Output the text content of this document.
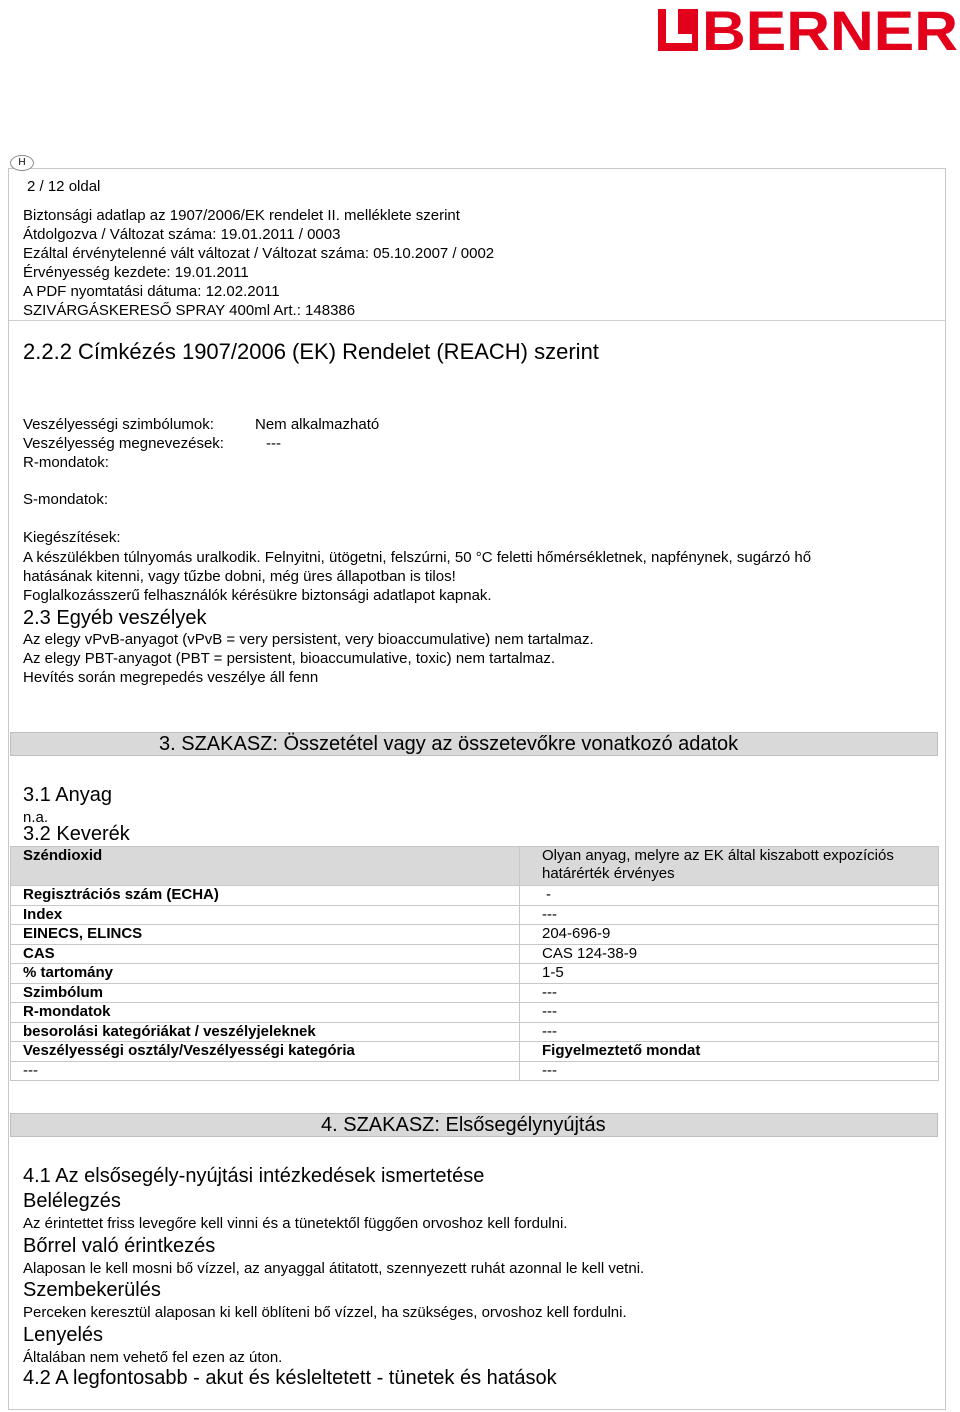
BERNER
H
2 / 12 oldal
Biztonsági adatlap az 1907/2006/EK rendelet II. melléklete szerint
Átdolgozva / Változat száma: 19.01.2011 / 0003
Ezáltal érvénytelenné vált változat / Változat száma: 05.10.2007 / 0002
Érvényesség kezdete: 19.01.2011
A PDF nyomtatási dátuma: 12.02.2011
SZIVÁRGÁSKERESŐ SPRAY 400ml Art.: 148386
2.2.2 Címkézés 1907/2006 (EK) Rendelet (REACH) szerint
Veszélyességi szimbólumok:	Nem alkalmazható
Veszélyesség megnevezések:	---
R-mondatok:
S-mondatok:
Kiegészítések:
A készülékben túlnyomás uralkodik. Felnyitni, ütögetni, felszúrni, 50 °C feletti hőmérsékletnek, napfénynek, sugárzó hő
hatásának kitenni, vagy tűzbe dobni, még üres állapotban is tilos!
Foglalkozásszerű felhasználók kérésükre biztonsági adatlapot kapnak.
2.3 Egyéb veszélyek
Az elegy vPvB-anyagot (vPvB = very persistent, very bioaccumulative) nem tartalmaz.
Az elegy PBT-anyagot (PBT = persistent, bioaccumulative, toxic) nem tartalmaz.
Hevítés során megrepedés veszélye áll fenn
3. SZAKASZ: Összetétel vagy az összetevőkre vonatkozó adatok
3.1 Anyag
n.a.
3.2 Keverék
Széndioxid	Olyan anyag, melyre az EK által kiszabott expozíciós határérték érvényes
Regisztrációs szám (ECHA)	-
Index	---
EINECS, ELINCS	204-696-9
CAS	CAS 124-38-9
% tartomány	1-5
Szimbólum	---
R-mondatok	---
besorolási kategóriákat / veszélyjeleknek	---
Veszélyességi osztály/Veszélyességi kategória	Figyelmeztető mondat
---	---
4. SZAKASZ: Elsősegélynyújtás
4.1 Az elsősegély-nyújtási intézkedések ismertetése
Belélegzés
Az érintettet friss levegőre kell vinni és a tünetektől függően orvoshoz kell fordulni.
Bőrrel való érintkezés
Alaposan le kell mosni bő vízzel, az anyaggal átitatott, szennyezett ruhát azonnal le kell vetni.
Szembekerülés
Perceken keresztül alaposan ki kell öblíteni bő vízzel, ha szükséges, orvoshoz kell fordulni.
Lenyelés
Általában nem vehető fel ezen az úton.
4.2 A legfontosabb - akut és késleltetett - tünetek és hatások
